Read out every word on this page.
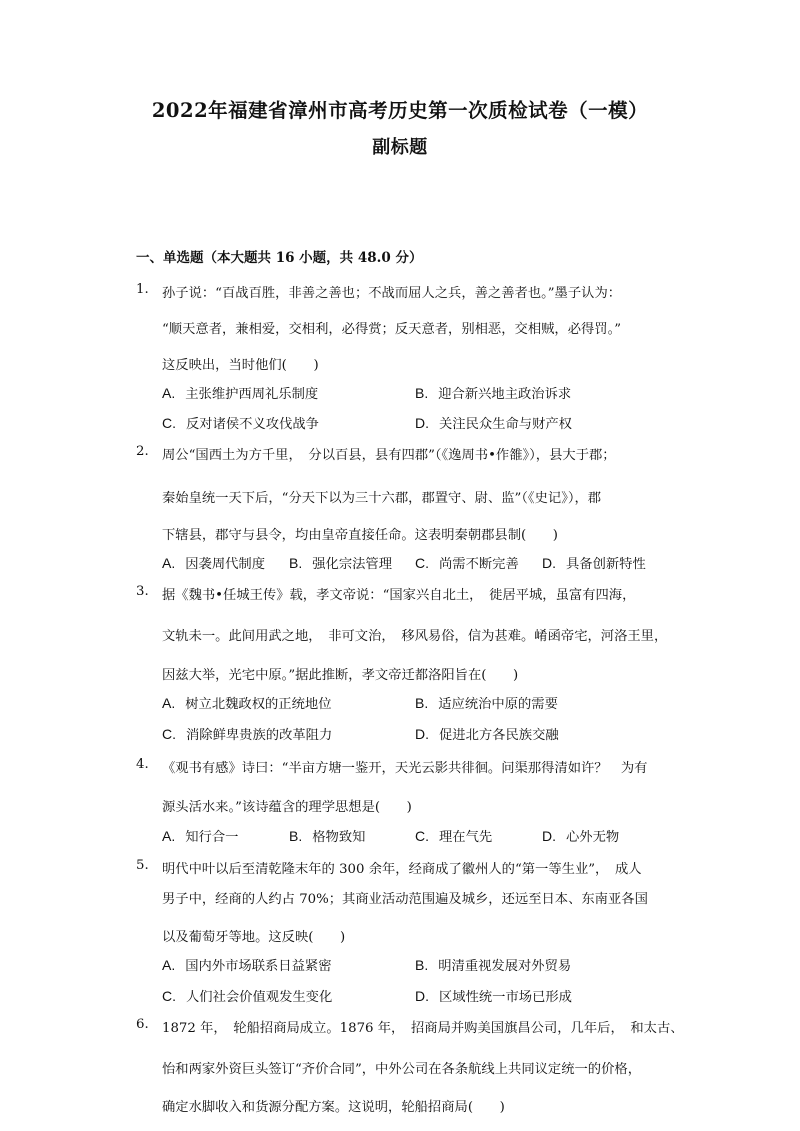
2022年福建省漳州市高考历史第一次质检试卷（一模）
副标题
一、单选题（本大题共 16 小题，共 48.0 分）
1. 孙子说：“百战百胜，非善之善也；不战而屈人之兵，善之善者也。”墨子认为：
“顺天意者，兼相爱，交相利，必得赏；反天意者，别相恶，交相贼，必得罚。”
这反映出，当时他们(　　)
A. 主张维护西周礼乐制度	B. 迎合新兴地主政治诉求
C. 反对诸侯不义攻伐战争	D. 关注民众生命与财产权
2. 周公“国西土为方千里，　分以百县，县有四郡”（《逸周书•作雒》），县大于郡；
秦始皇统一天下后，“分天下以为三十六郡，郡置守、尉、监”（《史记》），郡
下辖县，郡守与县令，均由皇帝直接任命。这表明秦朝郡县制(　　)
A. 因袭周代制度 B. 强化宗法管理 C. 尚需不断完善 D. 具备创新特性
3. 据《魏书•任城王传》载，孝文帝说：“国家兴自北土，　徙居平城，虽富有四海，
文轨未一。此间用武之地，　非可文治，　移风易俗，信为甚难。崤函帝宅，河洛王里，
因兹大举，光宅中原。”据此推断，孝文帝迁都洛阳旨在(　　)
A. 树立北魏政权的正统地位	B. 适应统治中原的需要
C. 消除鲜卑贵族的改革阻力	D. 促进北方各民族交融
4. 《观书有感》诗曰：“半亩方塘一鉴开，天光云影共徘徊。问渠那得清如许？　为有
源头活水来。”该诗蕴含的理学思想是(　　)
A. 知行合一	B. 格物致知	C. 理在气先	D. 心外无物
5. 明代中叶以后至清乾隆末年的 300 余年，经商成了徽州人的“第一等生业”，　成人
男子中，经商的人约占 70%；其商业活动范围遍及城乡，还远至日本、东南亚各国
以及葡萄牙等地。这反映(　　)
A. 国内外市场联系日益紧密	B. 明清重视发展对外贸易
C. 人们社会价值观发生变化	D. 区域性统一市场已形成
6. 1872 年，　轮船招商局成立。1876 年，　招商局并购美国旗昌公司，几年后，　和太古、
怡和两家外资巨头签订“齐价合同”，中外公司在各条航线上共同议定统一的价格，
确定水脚收入和货源分配方案。这说明，轮船招商局(　　)
